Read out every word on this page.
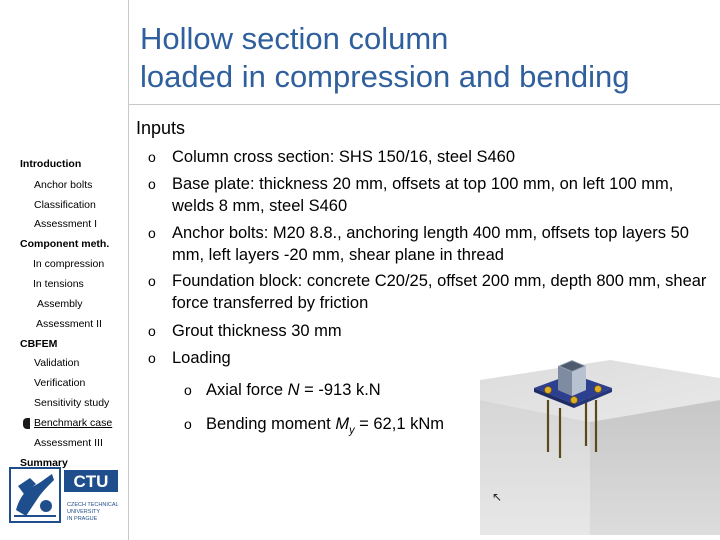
Hollow section column
loaded in compression and bending
Inputs
Introduction
Anchor bolts
Classification
Assessment I
Component meth.
In compression
In tensions
Assembly
Assessment II
CBFEM
Validation
Verification
Sensitivity study
Benchmark case
Assessment III
Summary
CTU
CZECH TECHNICAL
UNIVERSITY
IN PRAGUE
↖
o Column cross section: SHS 150/16, steel S460
o Base plate: thickness 20 mm, offsets at top 100 mm, on left 100 mm, welds 8 mm, steel S460
o Anchor bolts: M20 8.8., anchoring length 400 mm, offsets top layers 50 mm, left layers -20 mm, shear plane in thread
o Foundation block: concrete C20/25, offset 200 mm, depth 800 mm, shear force transferred by friction
o Grout thickness 30 mm
o Loading
o Axial force N = -913 k.N
o Bending moment $M_y = 62,1$ kNm
